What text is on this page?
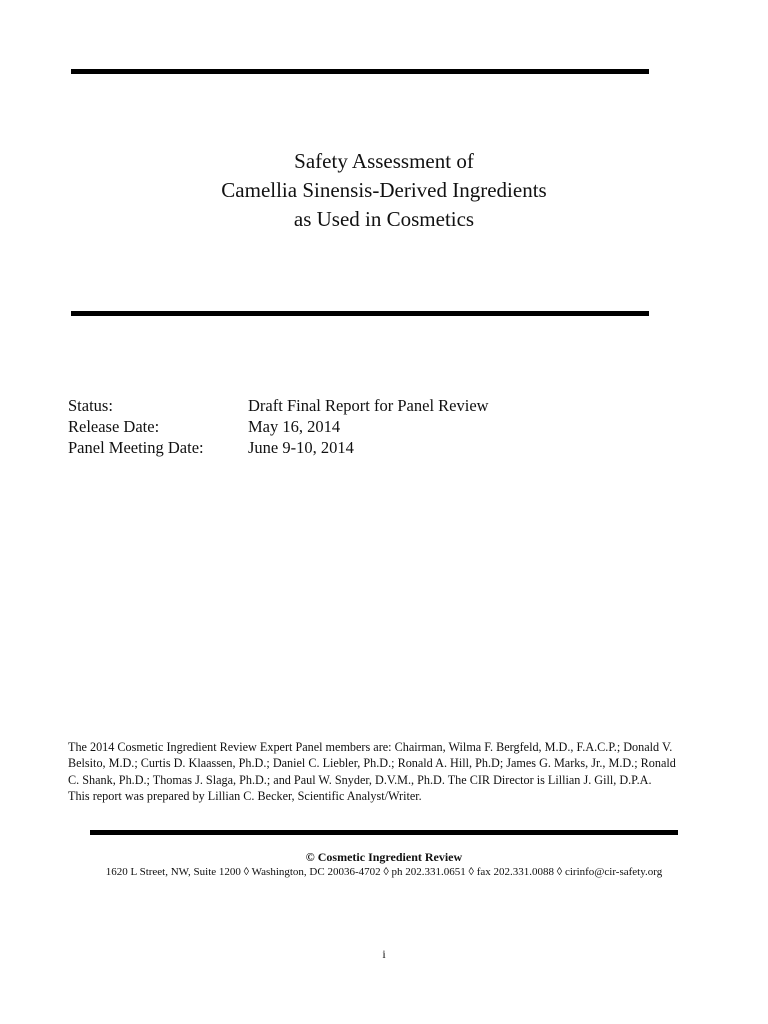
Safety Assessment of
Camellia Sinensis-Derived Ingredients
as Used in Cosmetics
Status:	Draft Final Report for Panel Review
Release Date:	May 16, 2014
Panel Meeting Date:	June 9-10, 2014
The 2014 Cosmetic Ingredient Review Expert Panel members are: Chairman, Wilma F. Bergfeld, M.D., F.A.C.P.; Donald V.
Belsito, M.D.; Curtis D. Klaassen, Ph.D.; Daniel C. Liebler, Ph.D.; Ronald A. Hill, Ph.D; James G. Marks, Jr., M.D.; Ronald
C. Shank, Ph.D.; Thomas J. Slaga, Ph.D.; and Paul W. Snyder, D.V.M., Ph.D. The CIR Director is Lillian J. Gill, D.P.A.
This report was prepared by Lillian C. Becker, Scientific Analyst/Writer.
© Cosmetic Ingredient Review
1620 L Street, NW, Suite 1200 ◊ Washington, DC 20036-4702 ◊ ph 202.331.0651 ◊ fax 202.331.0088 ◊ cirinfo@cir-safety.org
i
